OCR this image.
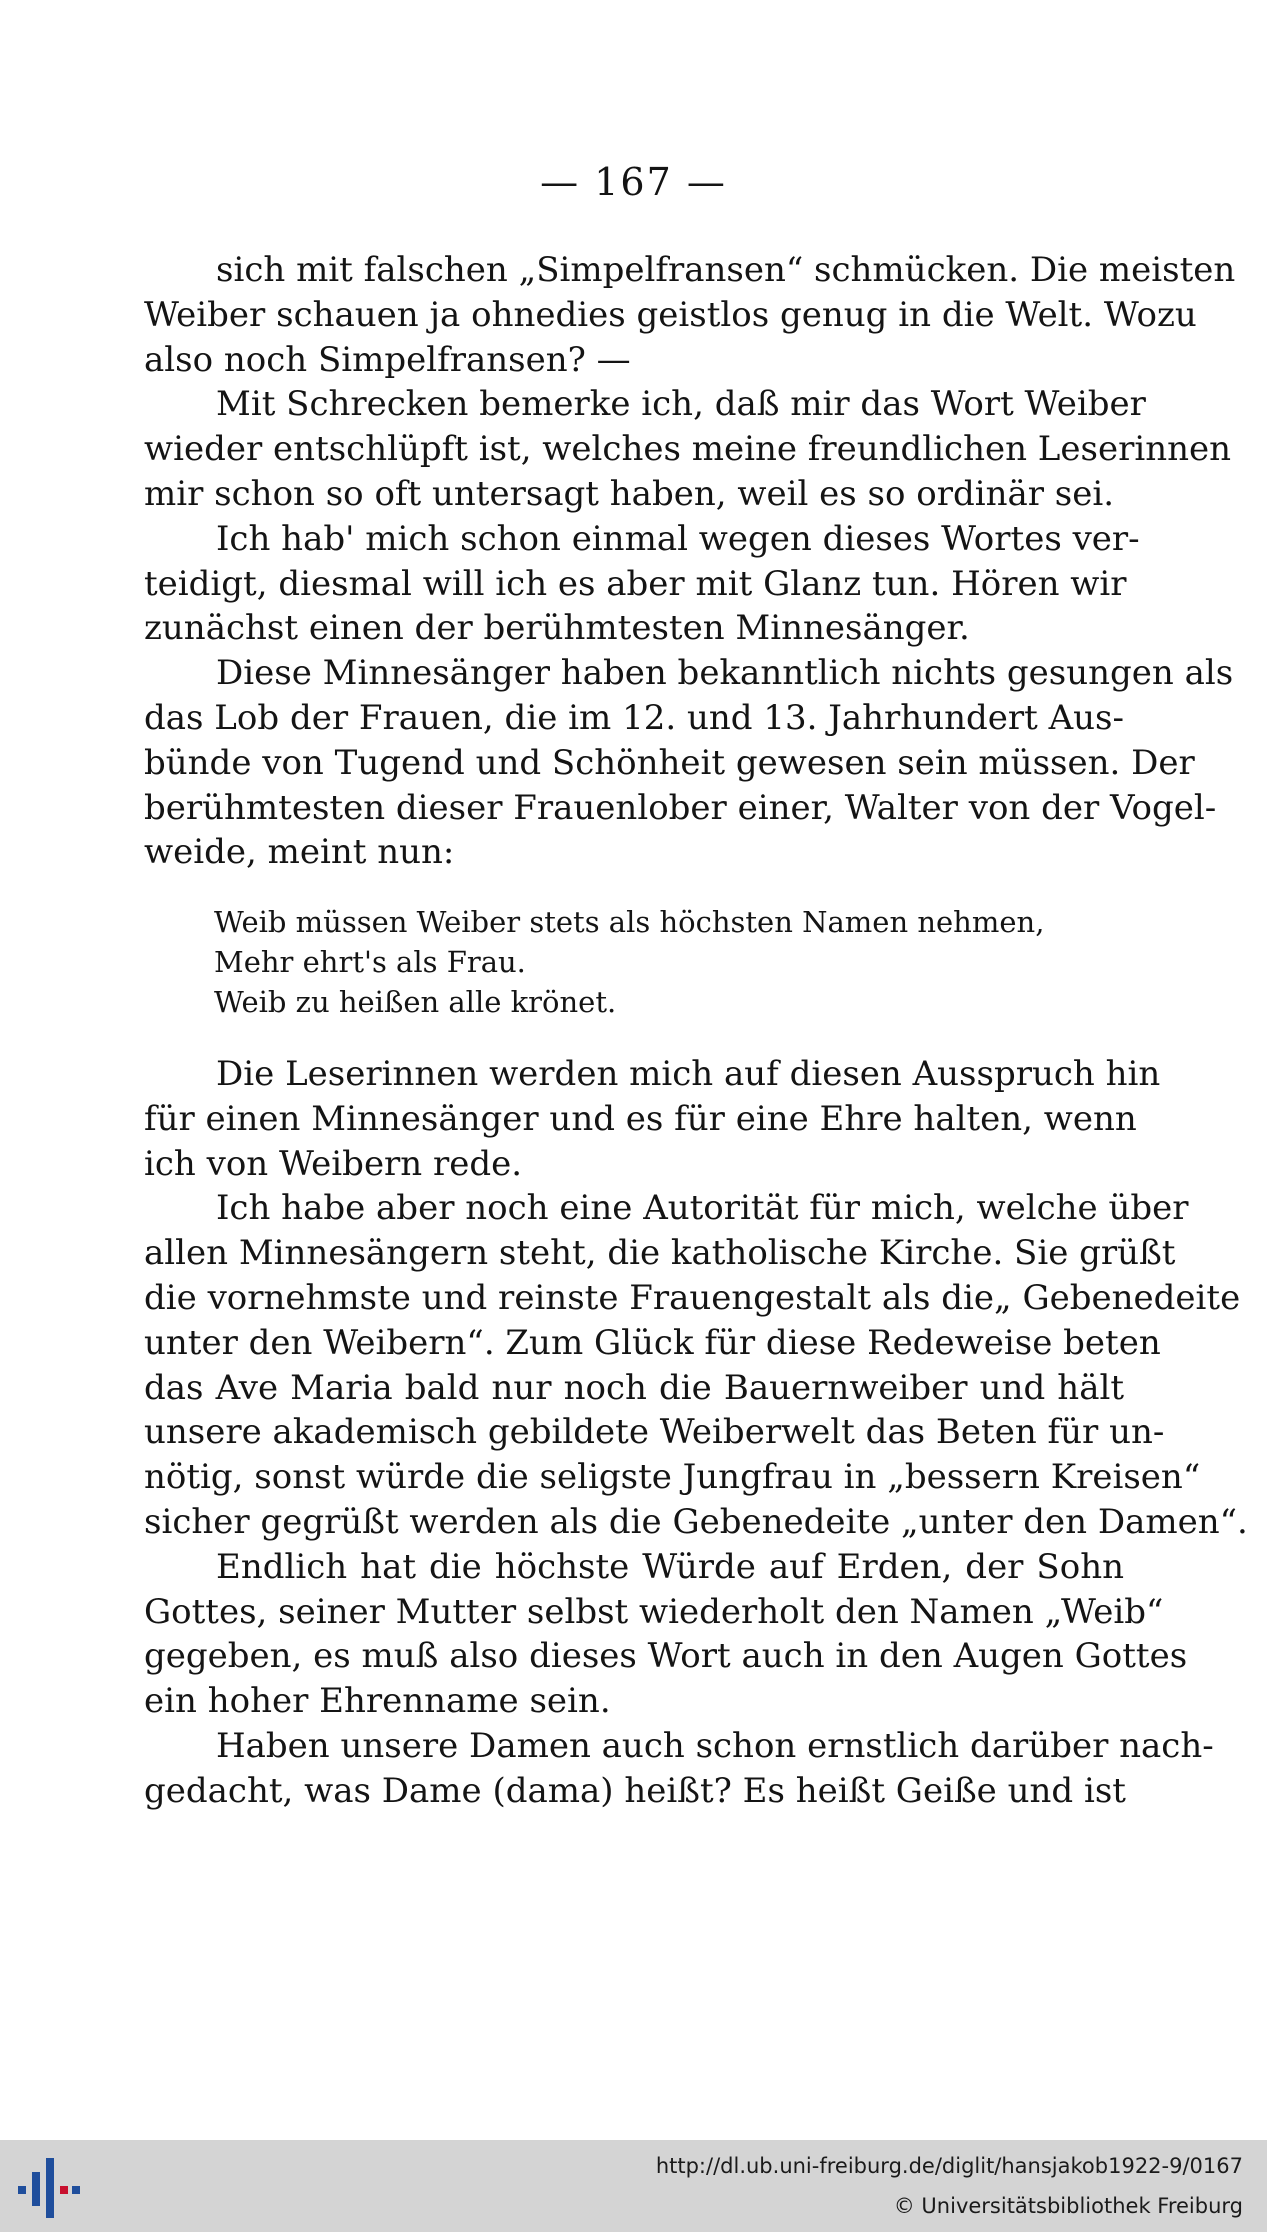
— 167 —
sich mit falschen „Simpelfransen“ schmücken. Die meisten
Weiber schauen ja ohnedies geistlos genug in die Welt. Wozu
also noch Simpelfransen? —
Mit Schrecken bemerke ich, daß mir das Wort Weiber
wieder entschlüpft ist, welches meine freundlichen Leserinnen
mir schon so oft untersagt haben, weil es so ordinär sei.
Ich hab' mich schon einmal wegen dieses Wortes ver-
teidigt, diesmal will ich es aber mit Glanz tun. Hören wir
zunächst einen der berühmtesten Minnesänger.
Diese Minnesänger haben bekanntlich nichts gesungen als
das Lob der Frauen, die im 12. und 13. Jahrhundert Aus-
bünde von Tugend und Schönheit gewesen sein müssen. Der
berühmtesten dieser Frauenlober einer, Walter von der Vogel-
weide, meint nun:
Weib müssen Weiber stets als höchsten Namen nehmen,
Mehr ehrt's als Frau.
Weib zu heißen alle krönet.
Die Leserinnen werden mich auf diesen Ausspruch hin
für einen Minnesänger und es für eine Ehre halten, wenn
ich von Weibern rede.
Ich habe aber noch eine Autorität für mich, welche über
allen Minnesängern steht, die katholische Kirche. Sie grüßt
die vornehmste und reinste Frauengestalt als die„ Gebenedeite
unter den Weibern“. Zum Glück für diese Redeweise beten
das Ave Maria bald nur noch die Bauernweiber und hält
unsere akademisch gebildete Weiberwelt das Beten für un-
nötig, sonst würde die seligste Jungfrau in „bessern Kreisen“
sicher gegrüßt werden als die Gebenedeite „unter den Damen“.
Endlich hat die höchste Würde auf Erden, der Sohn
Gottes, seiner Mutter selbst wiederholt den Namen „Weib“
gegeben, es muß also dieses Wort auch in den Augen Gottes
ein hoher Ehrenname sein.
Haben unsere Damen auch schon ernstlich darüber nach-
gedacht, was Dame (dama) heißt? Es heißt Geiße und ist
http://dl.ub.uni-freiburg.de/diglit/hansjakob1922-9/0167
© Universitätsbibliothek Freiburg
